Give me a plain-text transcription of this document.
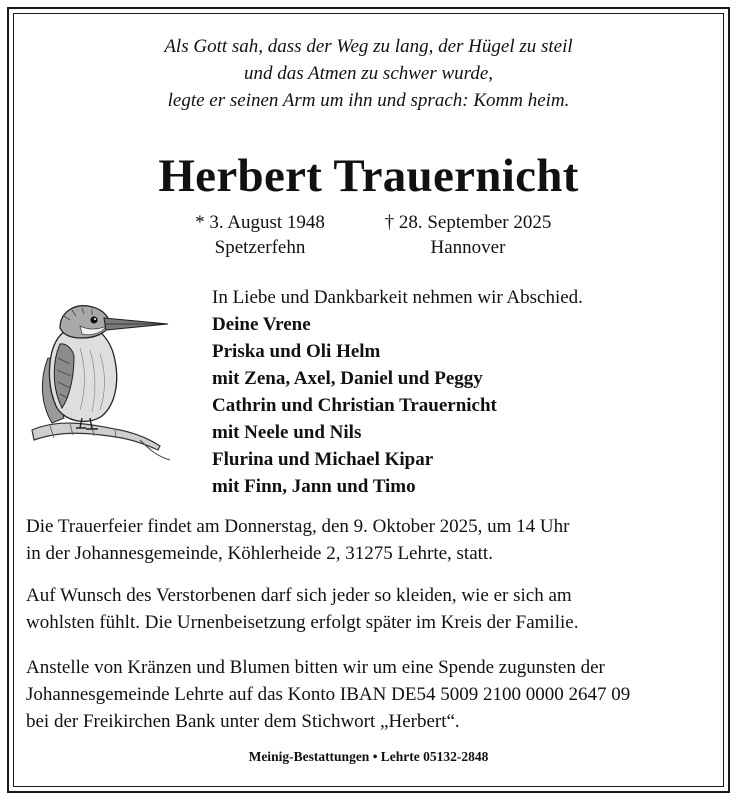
Als Gott sah, dass der Weg zu lang, der Hügel zu steil
und das Atmen zu schwer wurde,
legte er seinen Arm um ihn und sprach: Komm heim.
Herbert Trauernicht
* 3. August 1948
Spetzerfehn
† 28. September 2025
Hannover
In Liebe und Dankbarkeit nehmen wir Abschied.
Deine Vrene
Priska und Oli Helm
mit Zena, Axel, Daniel und Peggy
Cathrin und Christian Trauernicht
mit Neele und Nils
Flurina und Michael Kipar
mit Finn, Jann und Timo
Die Trauerfeier findet am Donnerstag, den 9. Oktober 2025, um 14 Uhr
in der Johannesgemeinde, Köhlerheide 2, 31275 Lehrte, statt.
Auf Wunsch des Verstorbenen darf sich jeder so kleiden, wie er sich am
wohlsten fühlt. Die Urnenbeisetzung erfolgt später im Kreis der Familie.
Anstelle von Kränzen und Blumen bitten wir um eine Spende zugunsten der
Johannesgemeinde Lehrte auf das Konto IBAN DE54 5009 2100 0000 2647 09
bei der Freikirchen Bank unter dem Stichwort „Herbert“.
Meinig-Bestattungen • Lehrte 05132-2848
